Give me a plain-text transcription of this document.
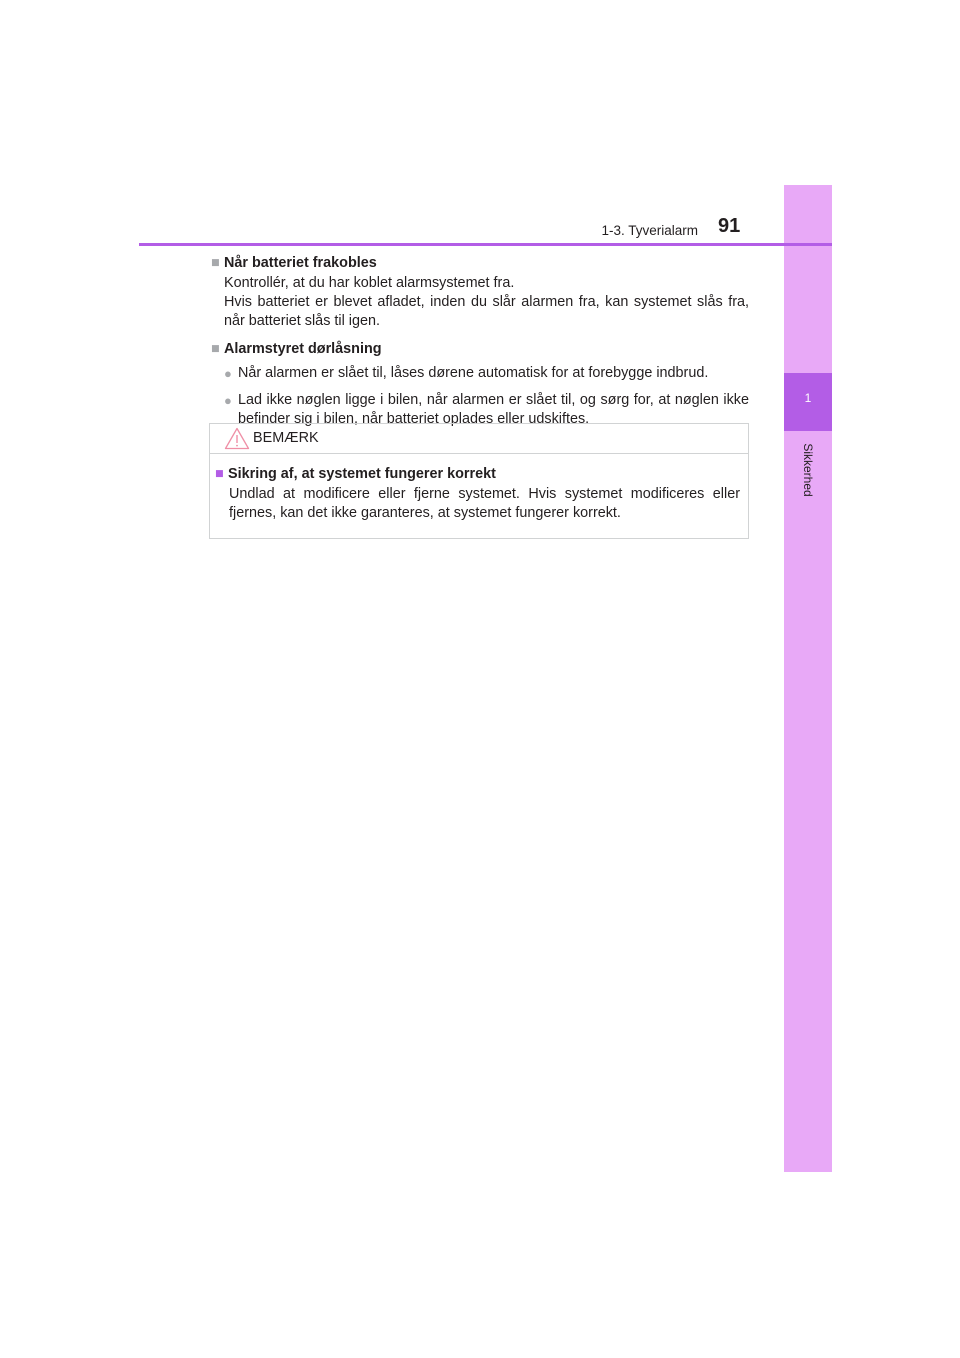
1
Sikkerhed
1-3. Tyverialarm 91
■ Når batteriet frakobles

Kontrollér, at du har koblet alarmsystemet fra.

Hvis batteriet er blevet afladet, inden du slår alarmen fra, kan systemet slås fra, når batteriet slås til igen.

■ Alarmstyret dørlåsning
● Når alarmen er slået til, låses dørene automatisk for at forebygge indbrud.
● Lad ikke nøglen ligge i bilen, når alarmen er slået til, og sørg for, at nøglen ikke befinder sig i bilen, når batteriet oplades eller udskiftes.
BEMÆRK
■ Sikring af, at systemet fungerer korrekt

Undlad at modificere eller fjerne systemet. Hvis systemet modificeres eller fjernes, kan det ikke garanteres, at systemet fungerer korrekt.
